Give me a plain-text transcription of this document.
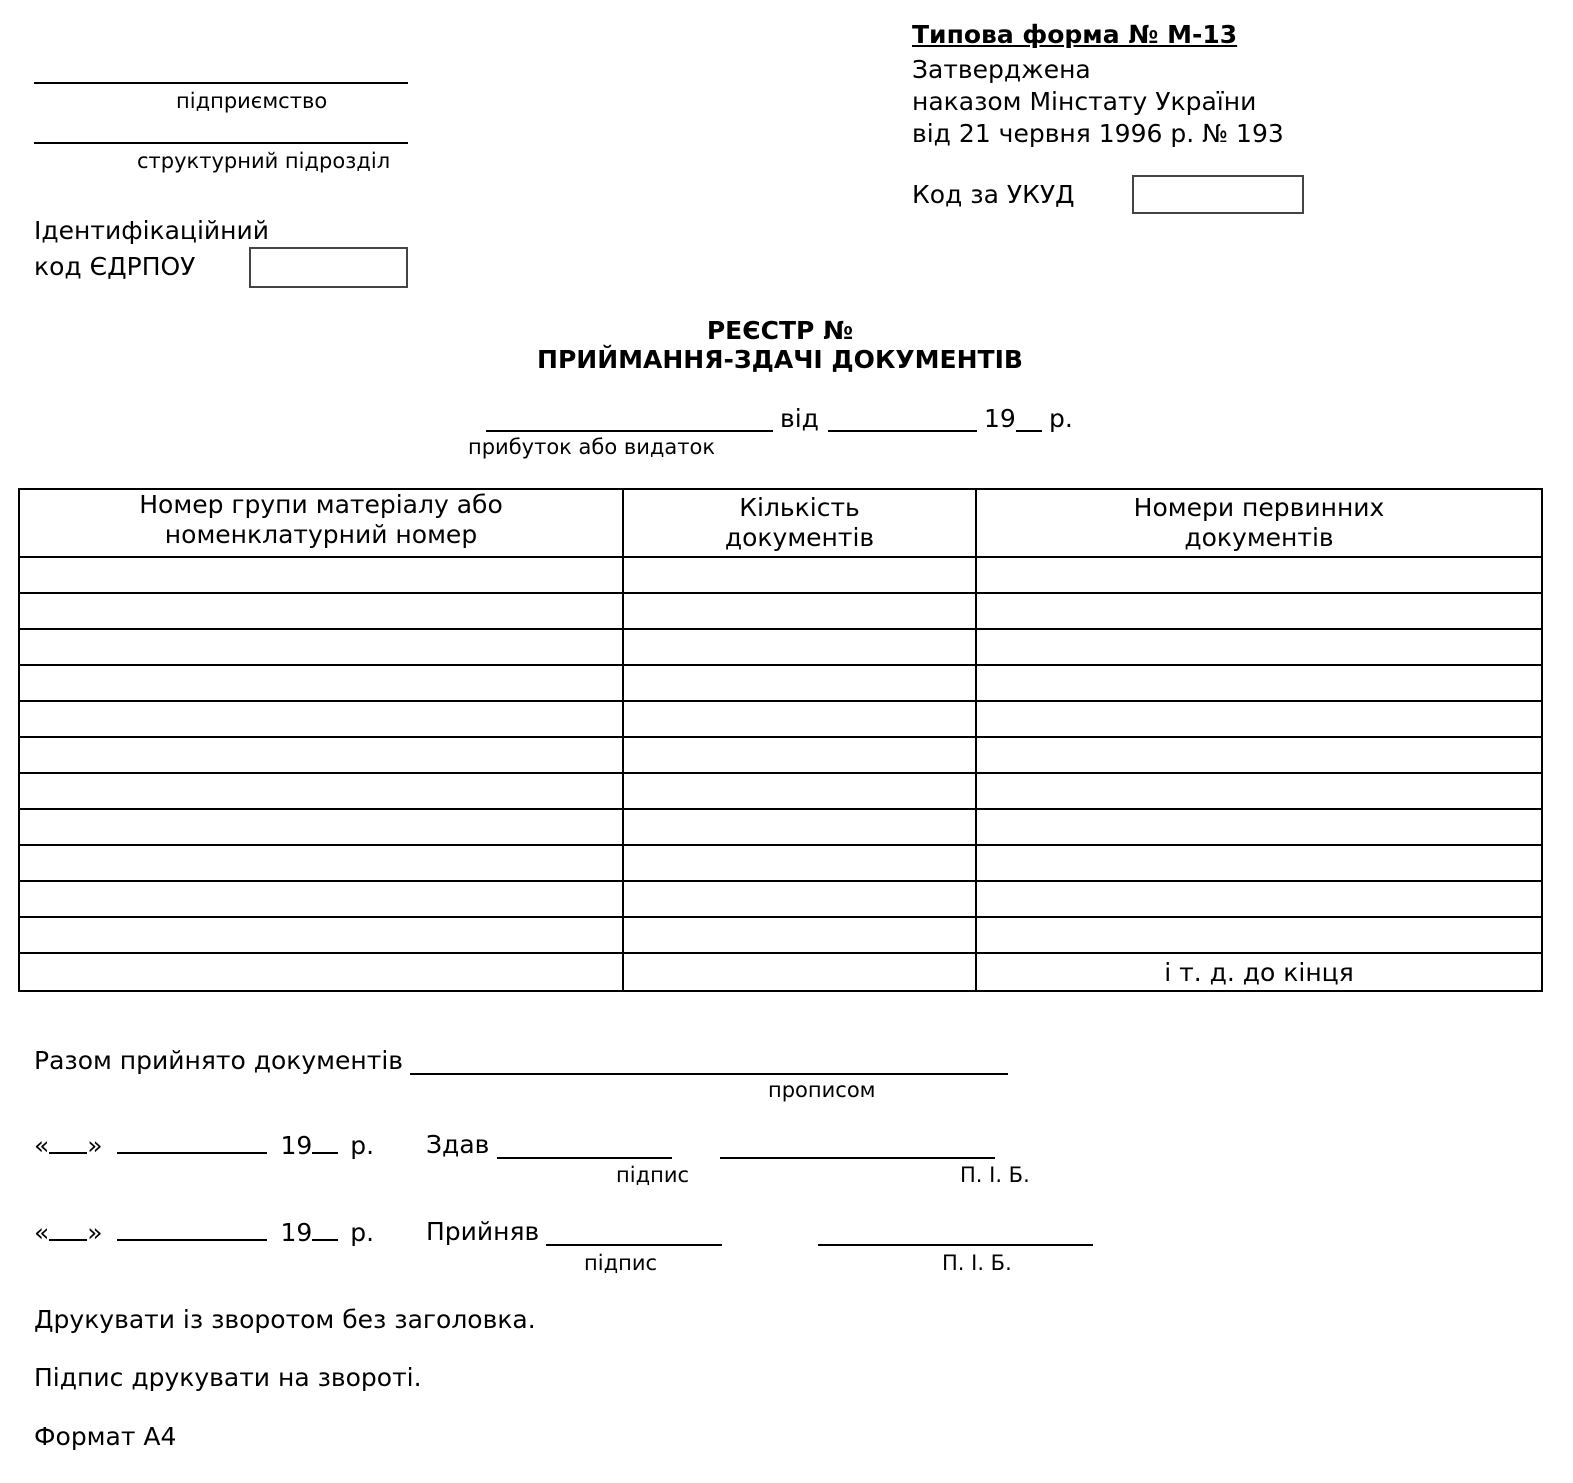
підприємство
структурний підрозділ
Ідентифікаційний
код ЄДРПОУ
Типова форма № М-13
Затверджена
наказом Мінстату України
від 21 червня 1996 р. № 193
Код за УКУД
РЕЄСТР №
ПРИЙМАННЯ-ЗДАЧІ ДОКУМЕНТІВ
від	19 р.
прибуток або видаток
Номер групи матеріалу або номенклатурний номер	Кількість документів	Номери первинних документів

		і т. д. до кінця
Разом прийнято документів
прописом
« »	19 р. Здав
підпис	П. І. Б.
« »	19 р. Прийняв
підпис	П. І. Б.
Друкувати із зворотом без заголовка.
Підпис друкувати на звороті.
Формат А4
